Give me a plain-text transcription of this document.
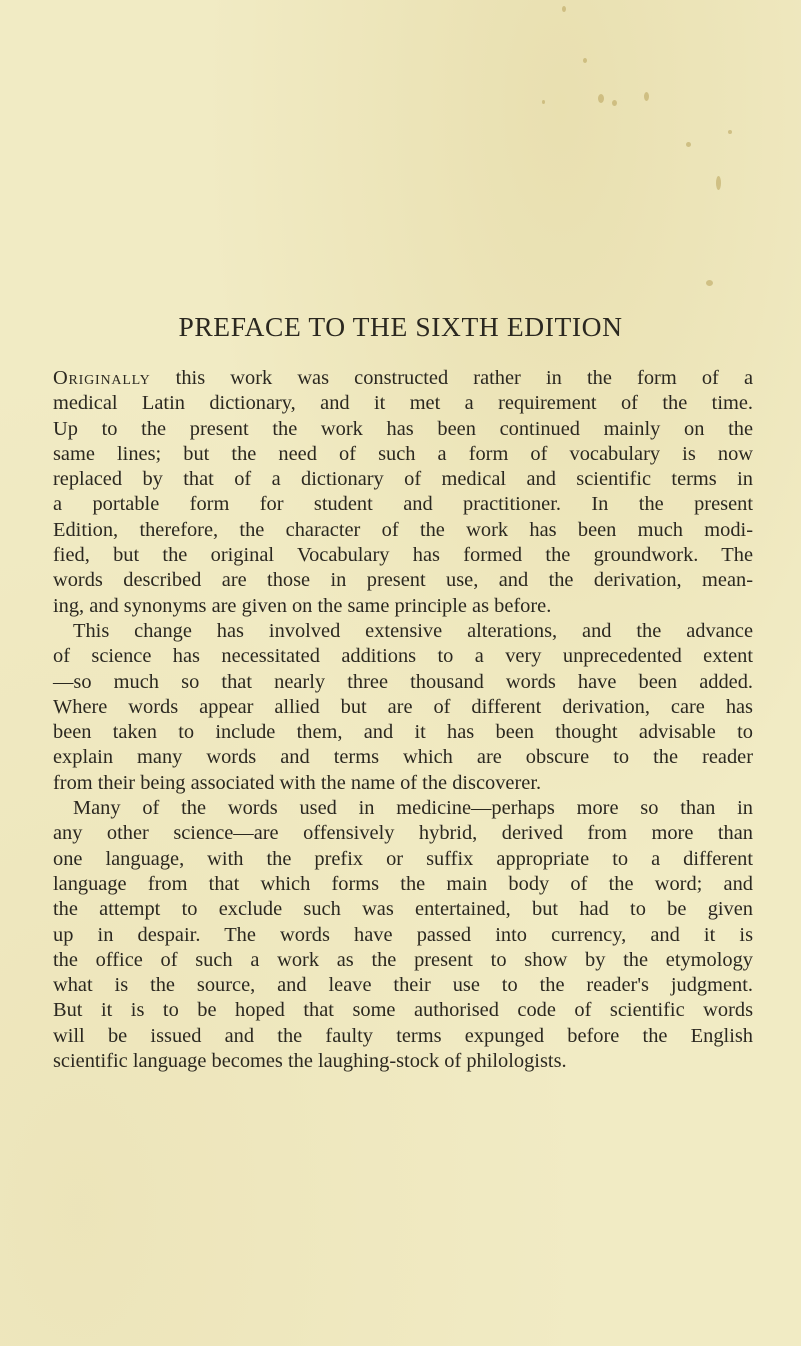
PREFACE TO THE SIXTH EDITION
Originally this work was constructed rather in the form of a
medical Latin dictionary, and it met a requirement of the time.
Up to the present the work has been continued mainly on the
same lines; but the need of such a form of vocabulary is now
replaced by that of a dictionary of medical and scientific terms in
a portable form for student and practitioner. In the present
Edition, therefore, the character of the work has been much modi-
fied, but the original Vocabulary has formed the groundwork. The
words described are those in present use, and the derivation, mean-
ing, and synonyms are given on the same principle as before.
This change has involved extensive alterations, and the advance
of science has necessitated additions to a very unprecedented extent
—so much so that nearly three thousand words have been added.
Where words appear allied but are of different derivation, care has
been taken to include them, and it has been thought advisable to
explain many words and terms which are obscure to the reader
from their being associated with the name of the discoverer.
Many of the words used in medicine—perhaps more so than in
any other science—are offensively hybrid, derived from more than
one language, with the prefix or suffix appropriate to a different
language from that which forms the main body of the word; and
the attempt to exclude such was entertained, but had to be given
up in despair. The words have passed into currency, and it is
the office of such a work as the present to show by the etymology
what is the source, and leave their use to the reader's judgment.
But it is to be hoped that some authorised code of scientific words
will be issued and the faulty terms expunged before the English
scientific language becomes the laughing-stock of philologists.
